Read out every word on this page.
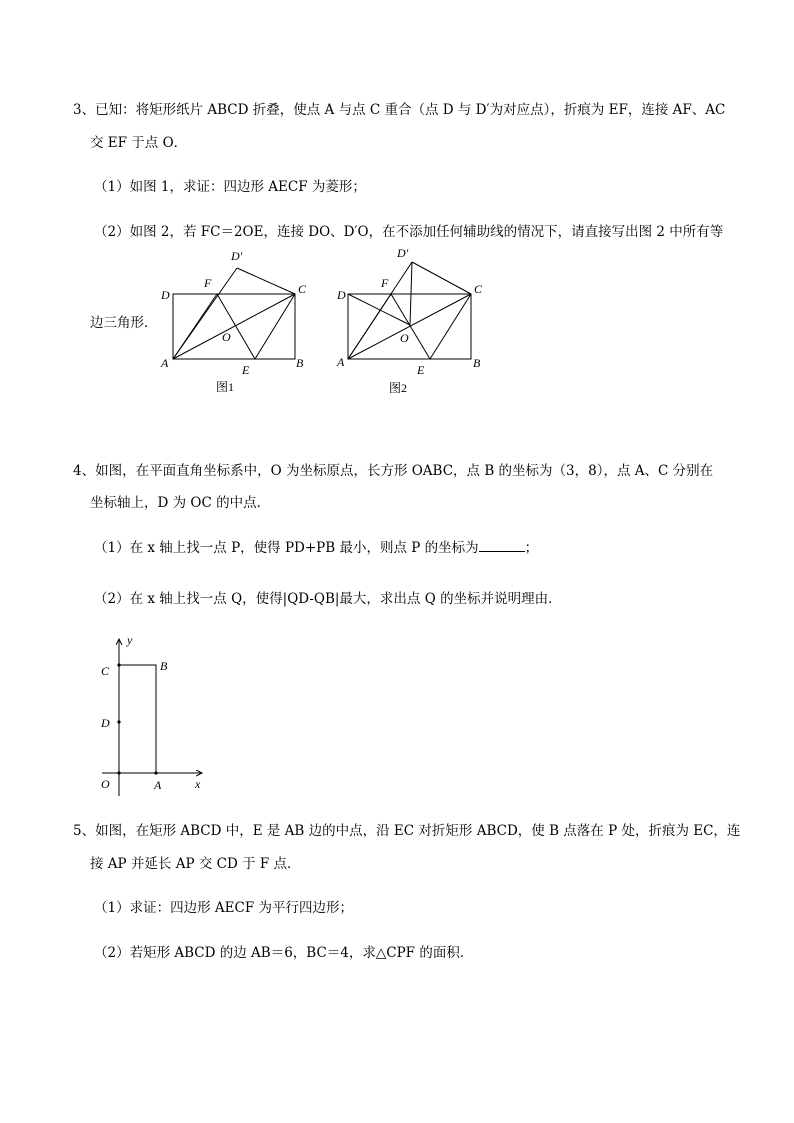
3、已知：将矩形纸片 ABCD 折叠，使点 A 与点 C 重合（点 D 与 D′为对应点），折痕为 EF，连接 AF、AC
交 EF 于点 O．
（1）如图 1，求证：四边形 AECF 为菱形；
（2）如图 2，若 FC＝2OE，连接 DO、D′O，在不添加任何辅助线的情况下，请直接写出图 2 中所有等
边三角形．
D′
D
F	C
O
A	E	B
图1
D′
D
F	C
O
A
E	B
图2
4、如图，在平面直角坐标系中，O 为坐标原点，长方形 OABC，点 B 的坐标为（3，8），点 A、C 分别在
坐标轴上，D 为 OC 的中点．
（1）在 x 轴上找一点 P，使得 PD+PB 最小，则点 P 的坐标为	；
（2）在 x 轴上找一点 Q，使得|QD-QB|最大，求出点 Q 的坐标并说明理由．
y
x
C	B
D
O	A
5、如图，在矩形 ABCD 中，E 是 AB 边的中点，沿 EC 对折矩形 ABCD，使 B 点落在 P 处，折痕为 EC，连
接 AP 并延长 AP 交 CD 于 F 点．
（1）求证：四边形 AECF 为平行四边形；
（2）若矩形 ABCD 的边 AB＝6，BC＝4，求△CPF 的面积．
